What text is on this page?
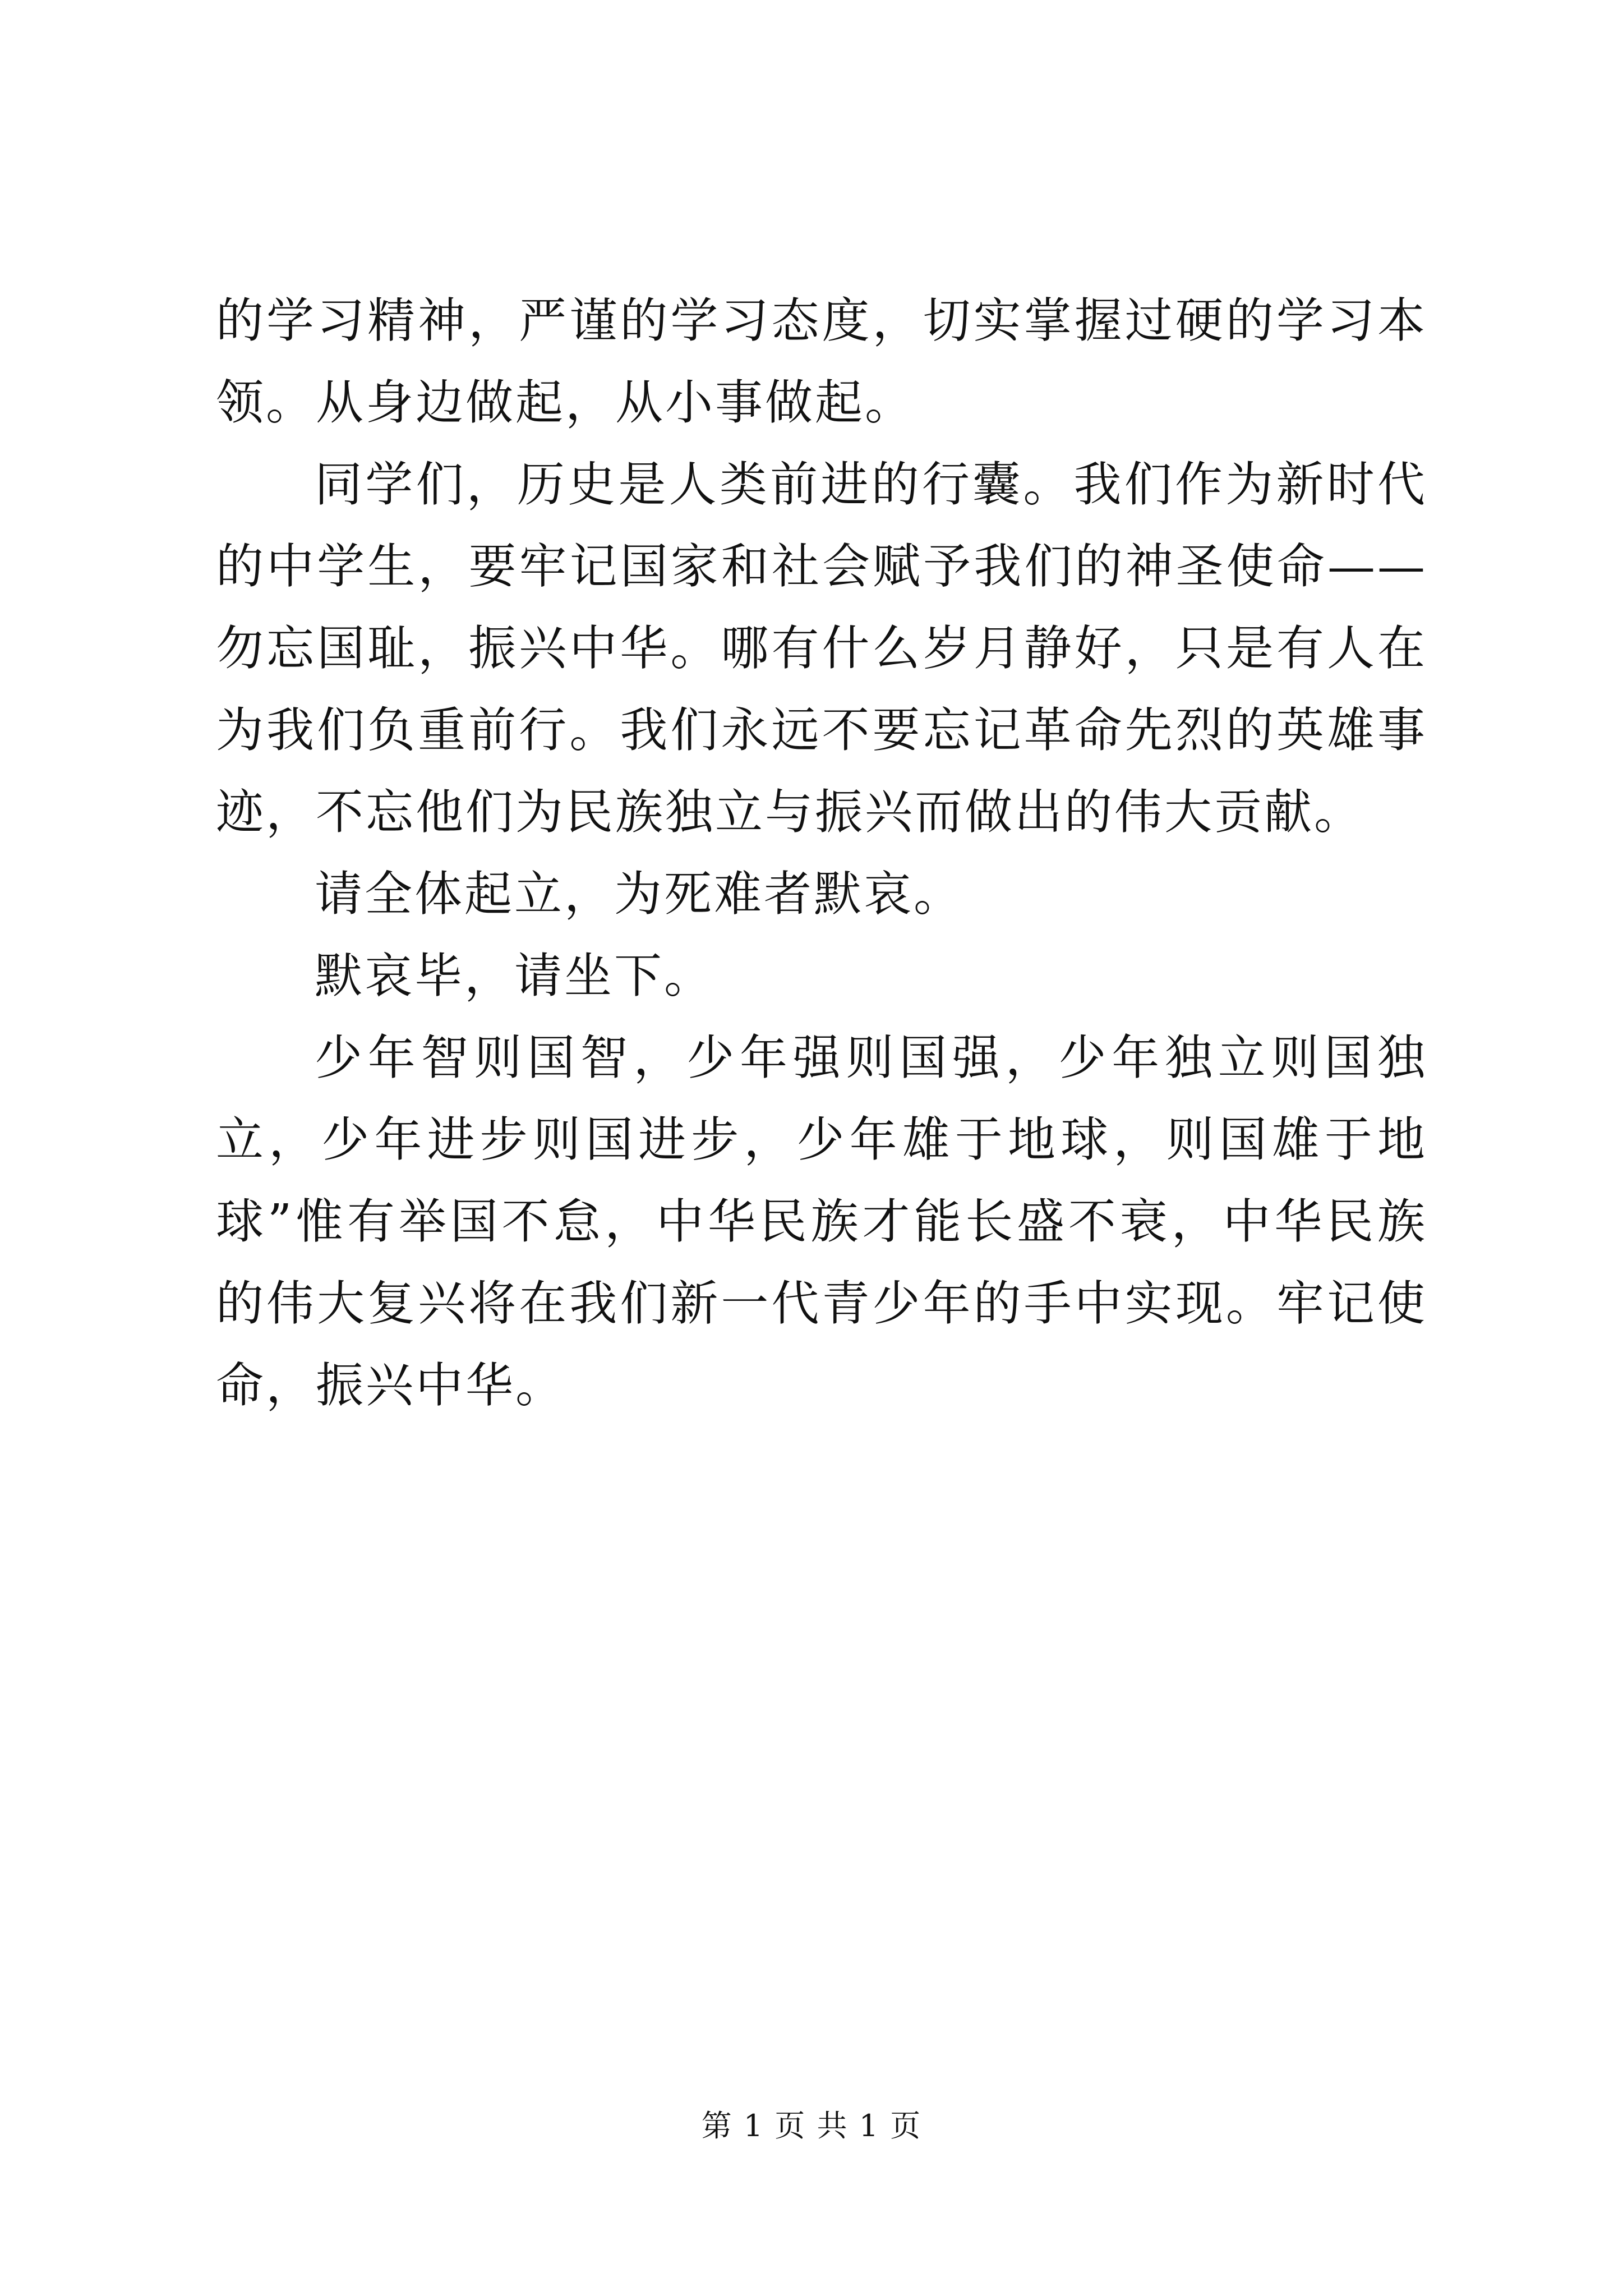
的学习精神，严谨的学习态度，切实掌握过硬的学习本领。从身边做起，从小事做起。

同学们，历史是人类前进的行囊。我们作为新时代的中学生，要牢记国家和社会赋予我们的神圣使命——勿忘国耻，振兴中华。哪有什么岁月静好，只是有人在为我们负重前行。我们永远不要忘记革命先烈的英雄事迹，不忘他们为民族独立与振兴而做出的伟大贡献。

请全体起立，为死难者默哀。

默哀毕，请坐下。

少年智则国智，少年强则国强，少年独立则国独立，少年进步则国进步，少年雄于地球，则国雄于地球”惟有举国不怠，中华民族才能长盛不衰，中华民族的伟大复兴将在我们新一代青少年的手中实现。牢记使命，振兴中华。

第 1 页 共 1 页
